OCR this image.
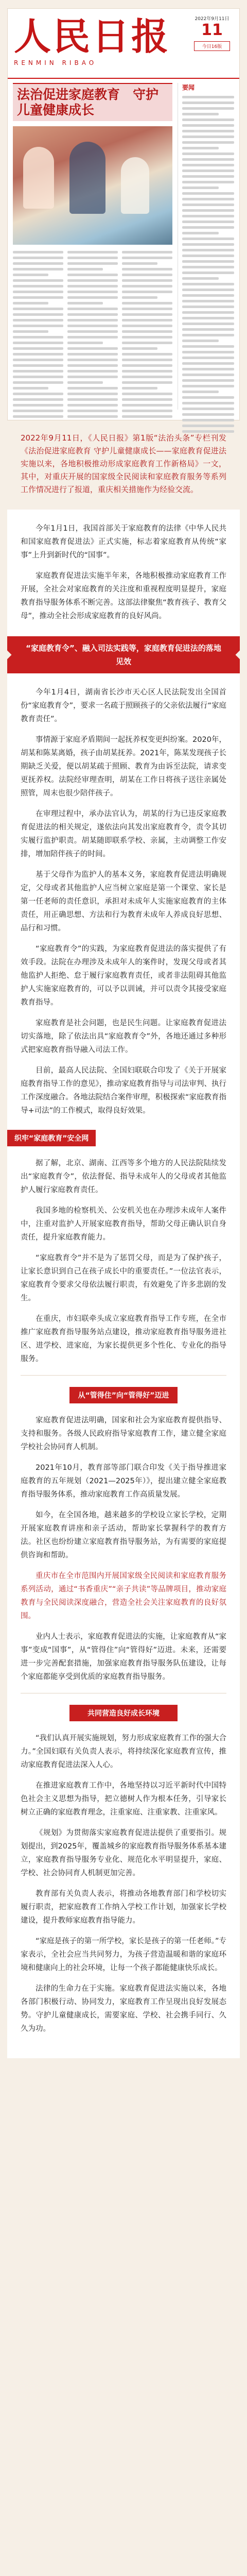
人民日报
RENMIN RIBAO
2022年9月11日
11
今日16版
法治促进家庭教育　守护儿童健康成长
要闻

2022年9月11日，《人民日报》第1版“法治头条”专栏刊发《法治促进家庭教育 守护儿童健康成长——家庭教育促进法实施以来，各地积极推动形成家庭教育工作新格局》一文，其中，对重庆开展的国家级全民阅读和家庭教育服务等系列工作情况进行了报道，重庆相关措施作为经验交流。

今年1月1日，我国首部关于家庭教育的法律《中华人民共和国家庭教育促进法》正式实施，标志着家庭教育从传统“家事”上升到新时代的“国事”。

家庭教育促进法实施半年来，各地积极推动家庭教育工作开展，全社会对家庭教育的关注度和重视程度明显提升，家庭教育指导服务体系不断完善。这部法律聚焦“教育孩子、教育父母”，推动全社会形成家庭教育的良好风尚。

“家庭教育令”、融入司法实践等，家庭教育促进法的落地见效

今年1月4日，湖南省长沙市天心区人民法院发出全国首份“家庭教育令”，要求一名疏于照顾孩子的父亲依法履行“家庭教育责任”。

事情源于家庭矛盾期间一起抚养权变更纠纷案。2020年，胡某和陈某离婚，孩子由胡某抚养。2021年，陈某发现孩子长期缺乏关爱，便以胡某疏于照顾、教育为由诉至法院，请求变更抚养权。法院经审理查明，胡某在工作日将孩子送往亲属处照管，周末也很少陪伴孩子。

在审理过程中，承办法官认为，胡某的行为已违反家庭教育促进法的相关规定，遂依法向其发出家庭教育令，责令其切实履行监护职责。胡某随即联系学校、亲属，主动调整工作安排，增加陪伴孩子的时间。

基于父母作为监护人的基本义务，家庭教育促进法明确规定，父母或者其他监护人应当树立家庭是第一个课堂、家长是第一任老师的责任意识，承担对未成年人实施家庭教育的主体责任，用正确思想、方法和行为教育未成年人养成良好思想、品行和习惯。

“家庭教育令”的实践，为家庭教育促进法的落实提供了有效手段。法院在办理涉及未成年人的案件时，发现父母或者其他监护人拒绝、怠于履行家庭教育责任，或者非法阻碍其他监护人实施家庭教育的，可以予以训诫，并可以责令其接受家庭教育指导。

家庭教育是社会问题，也是民生问题。让家庭教育促进法切实落地，除了依法出具“家庭教育令”外，各地还通过多种形式把家庭教育指导融入司法工作。

目前，最高人民法院、全国妇联联合印发了《关于开展家庭教育指导工作的意见》，推动家庭教育指导与司法审判、执行工作深度融合。各地法院结合案件审理，积极探索“家庭教育指导+司法”的工作模式，取得良好效果。

织牢“家庭教育”安全网

据了解，北京、湖南、江西等多个地方的人民法院陆续发出“家庭教育令”，依法督促、指导未成年人的父母或者其他监护人履行家庭教育责任。

我国多地的检察机关、公安机关也在办理涉未成年人案件中，注重对监护人开展家庭教育指导，帮助父母正确认识自身责任，提升家庭教育能力。

“家庭教育令”并不是为了惩罚父母，而是为了保护孩子，让家长意识到自己在孩子成长中的重要责任。”一位法官表示，家庭教育令要求父母依法履行职责，有效避免了许多悲剧的发生。

在重庆，市妇联牵头成立家庭教育指导工作专班，在全市推广家庭教育指导服务站点建设，推动家庭教育指导服务进社区、进学校、进家庭，为家长提供更多个性化、专业化的指导服务。

从“管得住”向“管得好”迈进

家庭教育促进法明确，国家和社会为家庭教育提供指导、支持和服务。各级人民政府指导家庭教育工作，建立健全家庭学校社会协同育人机制。

2021年10月，教育部等部门联合印发《关于指导推进家庭教育的五年规划（2021—2025年）》，提出建立健全家庭教育指导服务体系，推动家庭教育工作高质量发展。

如今，在全国各地，越来越多的学校设立家长学校，定期开展家庭教育讲座和亲子活动，帮助家长掌握科学的教育方法。社区也纷纷建立家庭教育指导服务站，为有需要的家庭提供咨询和帮助。

重庆市在全市范围内开展国家级全民阅读和家庭教育服务系列活动，通过“书香重庆”“亲子共读”等品牌项目，推动家庭教育与全民阅读深度融合，营造全社会关注家庭教育的良好氛围。

业内人士表示，家庭教育促进法的实施，让家庭教育从“家事”变成“国事”，从“管得住”向“管得好”迈进。未来，还需要进一步完善配套措施，加强家庭教育指导服务队伍建设，让每个家庭都能享受到优质的家庭教育指导服务。

共同营造良好成长环境

“我们认真开展实施规划，努力形成家庭教育工作的强大合力。”全国妇联有关负责人表示，将持续深化家庭教育宣传，推动家庭教育促进法深入人心。

在推进家庭教育工作中，各地坚持以习近平新时代中国特色社会主义思想为指导，把立德树人作为根本任务，引导家长树立正确的家庭教育理念，注重家庭、注重家教、注重家风。

《规划》为贯彻落实家庭教育促进法提供了重要指引。规划提出，到2025年，覆盖城乡的家庭教育指导服务体系基本建立，家庭教育指导服务专业化、规范化水平明显提升，家庭、学校、社会协同育人机制更加完善。

教育部有关负责人表示，将推动各地教育部门和学校切实履行职责，把家庭教育工作纳入学校工作计划，加强家长学校建设，提升教师家庭教育指导能力。

“家庭是孩子的第一所学校，家长是孩子的第一任老师。”专家表示，全社会应当共同努力，为孩子营造温暖和谐的家庭环境和健康向上的社会环境，让每一个孩子都能健康快乐成长。

法律的生命力在于实施。家庭教育促进法实施以来，各地各部门积极行动、协同发力，家庭教育工作呈现出良好发展态势。守护儿童健康成长，需要家庭、学校、社会携手同行、久久为功。
